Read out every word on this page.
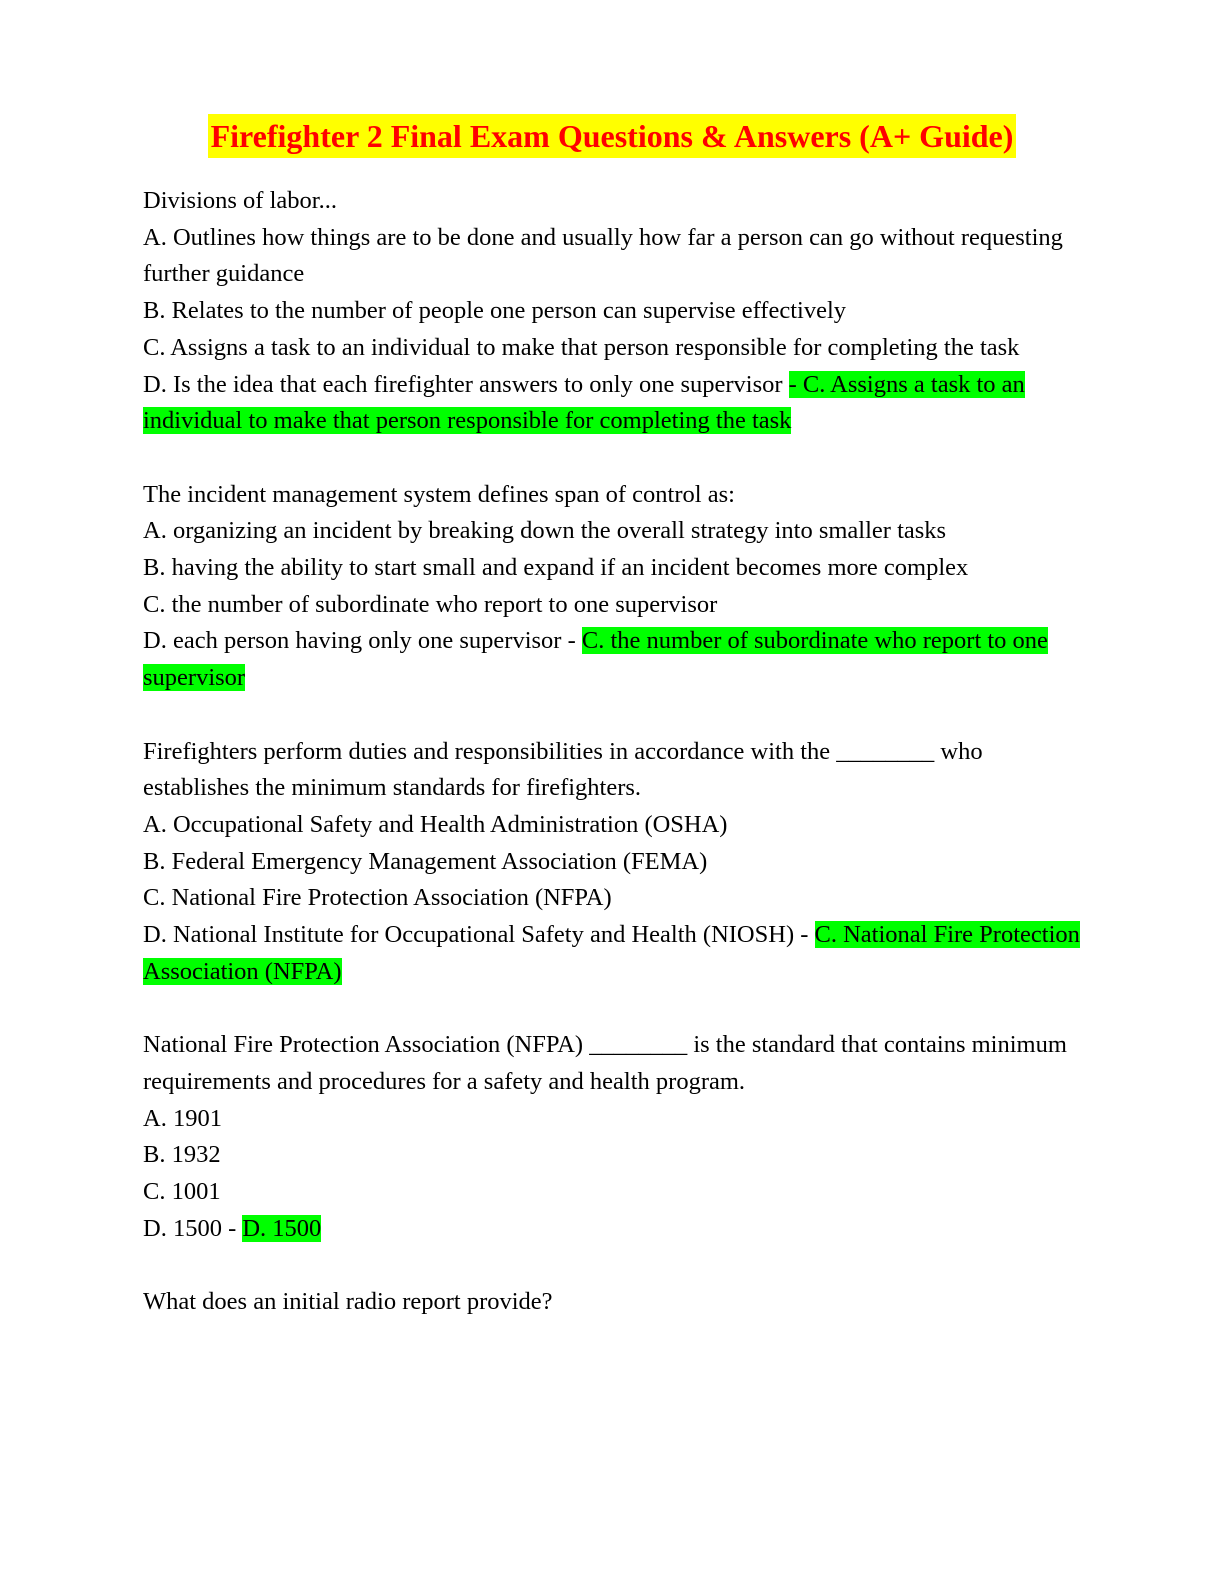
Firefighter 2 Final Exam Questions & Answers (A+ Guide)
Divisions of labor...
A. Outlines how things are to be done and usually how far a person can go without requesting further guidance
B. Relates to the number of people one person can supervise effectively
C. Assigns a task to an individual to make that person responsible for completing the task
D. Is the idea that each firefighter answers to only one supervisor - C. Assigns a task to an individual to make that person responsible for completing the task
The incident management system defines span of control as:
A. organizing an incident by breaking down the overall strategy into smaller tasks
B. having the ability to start small and expand if an incident becomes more complex
C. the number of subordinate who report to one supervisor
D. each person having only one supervisor - C. the number of subordinate who report to one supervisor
Firefighters perform duties and responsibilities in accordance with the ________ who establishes the minimum standards for firefighters.
A. Occupational Safety and Health Administration (OSHA)
B. Federal Emergency Management Association (FEMA)
C. National Fire Protection Association (NFPA)
D. National Institute for Occupational Safety and Health (NIOSH) - C. National Fire Protection Association (NFPA)
National Fire Protection Association (NFPA) ________ is the standard that contains minimum requirements and procedures for a safety and health program.
A. 1901
B. 1932
C. 1001
D. 1500 - D. 1500
What does an initial radio report provide?
